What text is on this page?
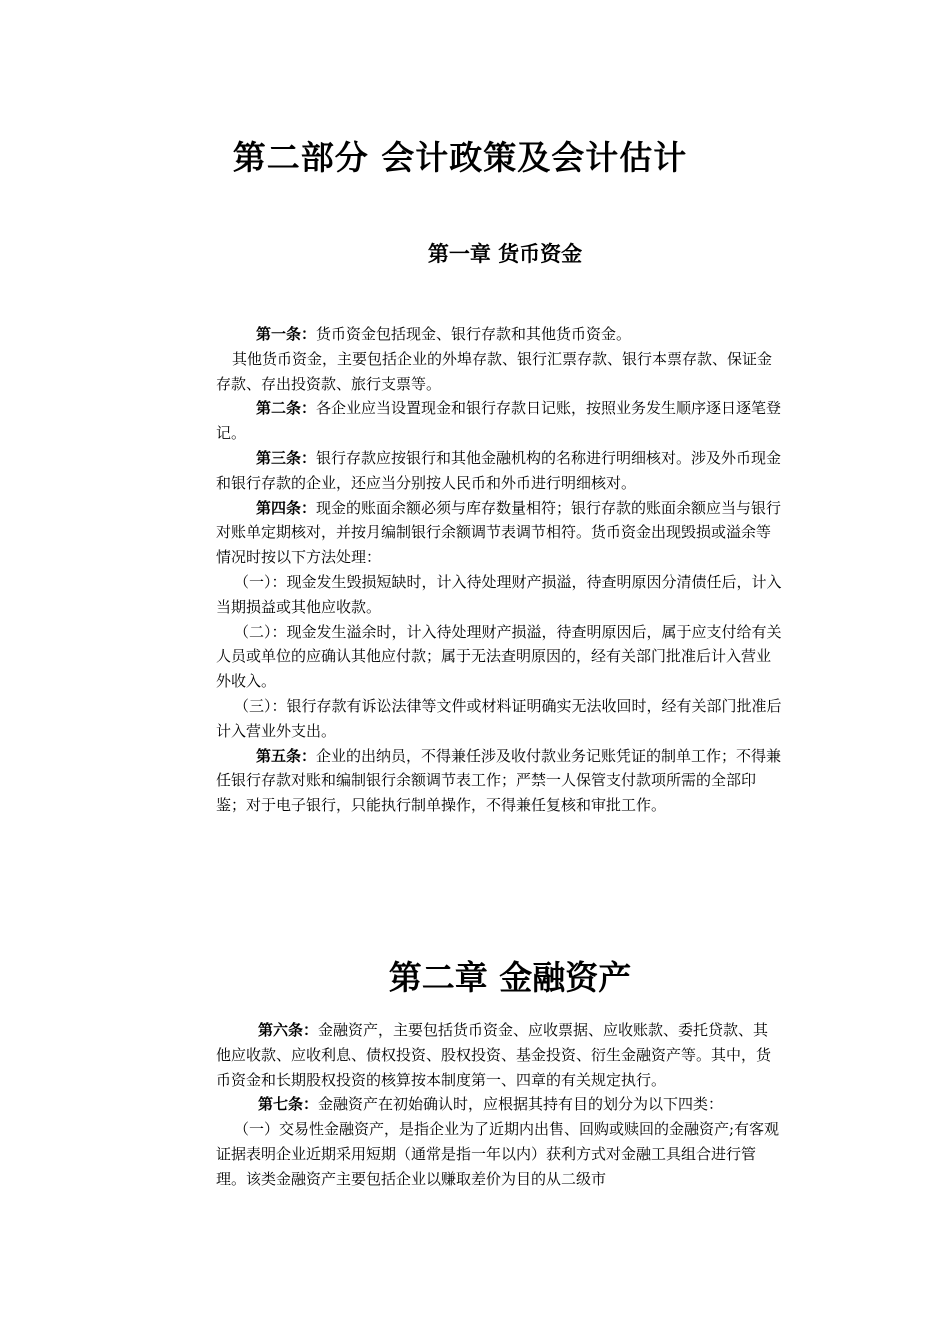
第二部分 会计政策及会计估计
第一章 货币资金

第一条：货币资金包括现金、银行存款和其他货币资金。

其他货币资金，主要包括企业的外埠存款、银行汇票存款、银行本票存款、保证金存款、存出投资款、旅行支票等。

第二条：各企业应当设置现金和银行存款日记账，按照业务发生顺序逐日逐笔登记。

第三条：银行存款应按银行和其他金融机构的名称进行明细核对。涉及外币现金和银行存款的企业，还应当分别按人民币和外币进行明细核对。

第四条：现金的账面余额必须与库存数量相符；银行存款的账面余额应当与银行对账单定期核对，并按月编制银行余额调节表调节相符。货币资金出现毁损或溢余等情况时按以下方法处理：

（一）：现金发生毁损短缺时，计入待处理财产损溢，待查明原因分清债任后，计入当期损益或其他应收款。

（二）：现金发生溢余时，计入待处理财产损溢，待查明原因后，属于应支付给有关人员或单位的应确认其他应付款；属于无法查明原因的，经有关部门批准后计入营业外收入。

（三）：银行存款有诉讼法律等文件或材料证明确实无法收回时，经有关部门批准后计入营业外支出。

第五条：企业的出纳员，不得兼任涉及收付款业务记账凭证的制单工作；不得兼任银行存款对账和编制银行余额调节表工作；严禁一人保管支付款项所需的全部印鉴；对于电子银行，只能执行制单操作，不得兼任复核和审批工作。

第二章 金融资产

第六条：金融资产，主要包括货币资金、应收票据、应收账款、委托贷款、其他应收款、应收利息、债权投资、股权投资、基金投资、衍生金融资产等。其中，货币资金和长期股权投资的核算按本制度第一、四章的有关规定执行。

第七条：金融资产在初始确认时，应根据其持有目的划分为以下四类：

（一）交易性金融资产，是指企业为了近期内出售、回购或赎回的金融资产;有客观证据表明企业近期采用短期（通常是指一年以内）获利方式对金融工具组合进行管理。该类金融资产主要包括企业以赚取差价为目的从二级市
